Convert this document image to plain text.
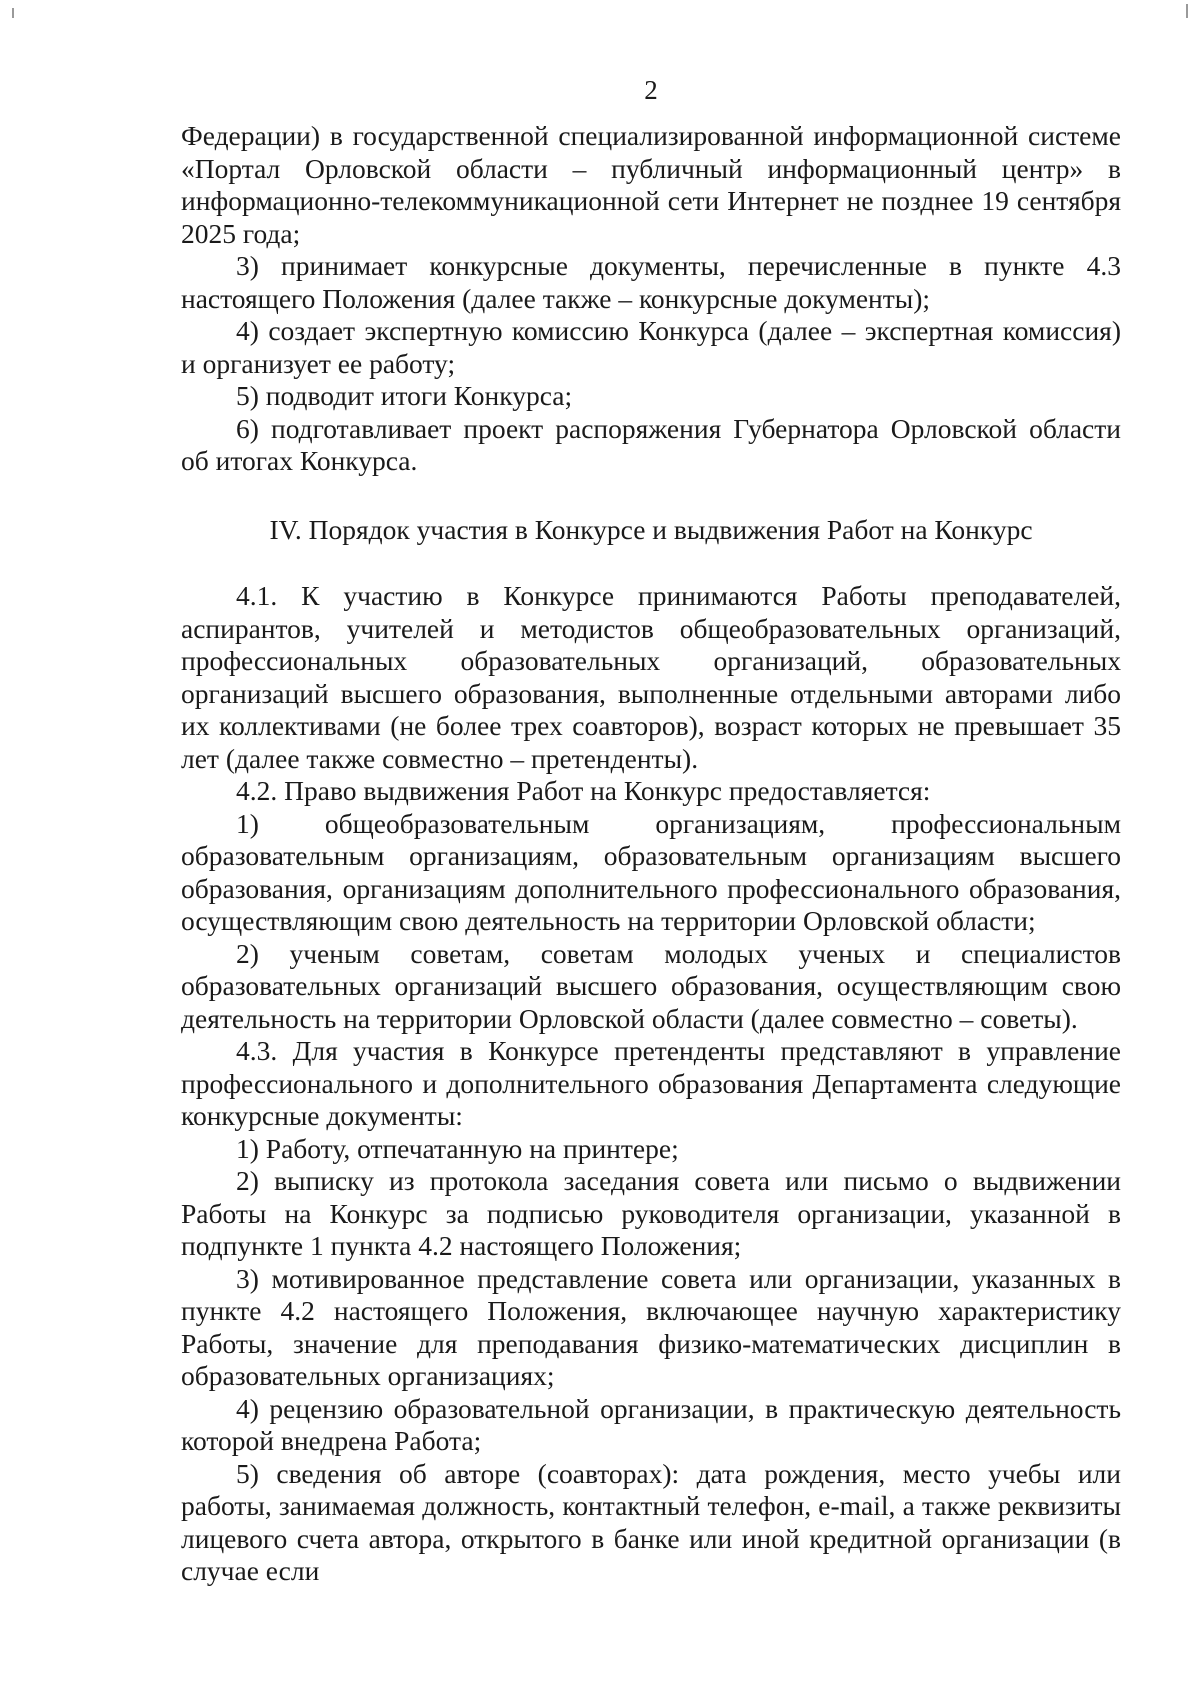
2

Федерации) в государственной специализированной информационной системе «Портал Орловской области – публичный информационный центр» в информационно-телекоммуникационной сети Интернет не позднее 19 сентября 2025 года;

3) принимает конкурсные документы, перечисленные в пункте 4.3 настоящего Положения (далее также – конкурсные документы);

4) создает экспертную комиссию Конкурса (далее – экспертная комиссия) и организует ее работу;

5) подводит итоги Конкурса;

6) подготавливает проект распоряжения Губернатора Орловской области об итогах Конкурса.

IV. Порядок участия в Конкурсе и выдвижения Работ на Конкурс

4.1. К участию в Конкурсе принимаются Работы преподавателей, аспирантов, учителей и методистов общеобразовательных организаций, профессиональных образовательных организаций, образовательных организаций высшего образования, выполненные отдельными авторами либо их коллективами (не более трех соавторов), возраст которых не превышает 35 лет (далее также совместно – претенденты).

4.2. Право выдвижения Работ на Конкурс предоставляется:

1) общеобразовательным организациям, профессиональным образовательным организациям, образовательным организациям высшего образования, организациям дополнительного профессионального образования, осуществляющим свою деятельность на территории Орловской области;

2) ученым советам, советам молодых ученых и специалистов образовательных организаций высшего образования, осуществляющим свою деятельность на территории Орловской области (далее совместно – советы).

4.3. Для участия в Конкурсе претенденты представляют в управление профессионального и дополнительного образования Департамента следующие конкурсные документы:

1) Работу, отпечатанную на принтере;

2) выписку из протокола заседания совета или письмо о выдвижении Работы на Конкурс за подписью руководителя организации, указанной в подпункте 1 пункта 4.2 настоящего Положения;

3) мотивированное представление совета или организации, указанных в пункте 4.2 настоящего Положения, включающее научную характеристику Работы, значение для преподавания физико-математических дисциплин в образовательных организациях;

4) рецензию образовательной организации, в практическую деятельность которой внедрена Работа;

5) сведения об авторе (соавторах): дата рождения, место учебы или работы, занимаемая должность, контактный телефон, e-mail, а также реквизиты лицевого счета автора, открытого в банке или иной кредитной организации (в случае если
